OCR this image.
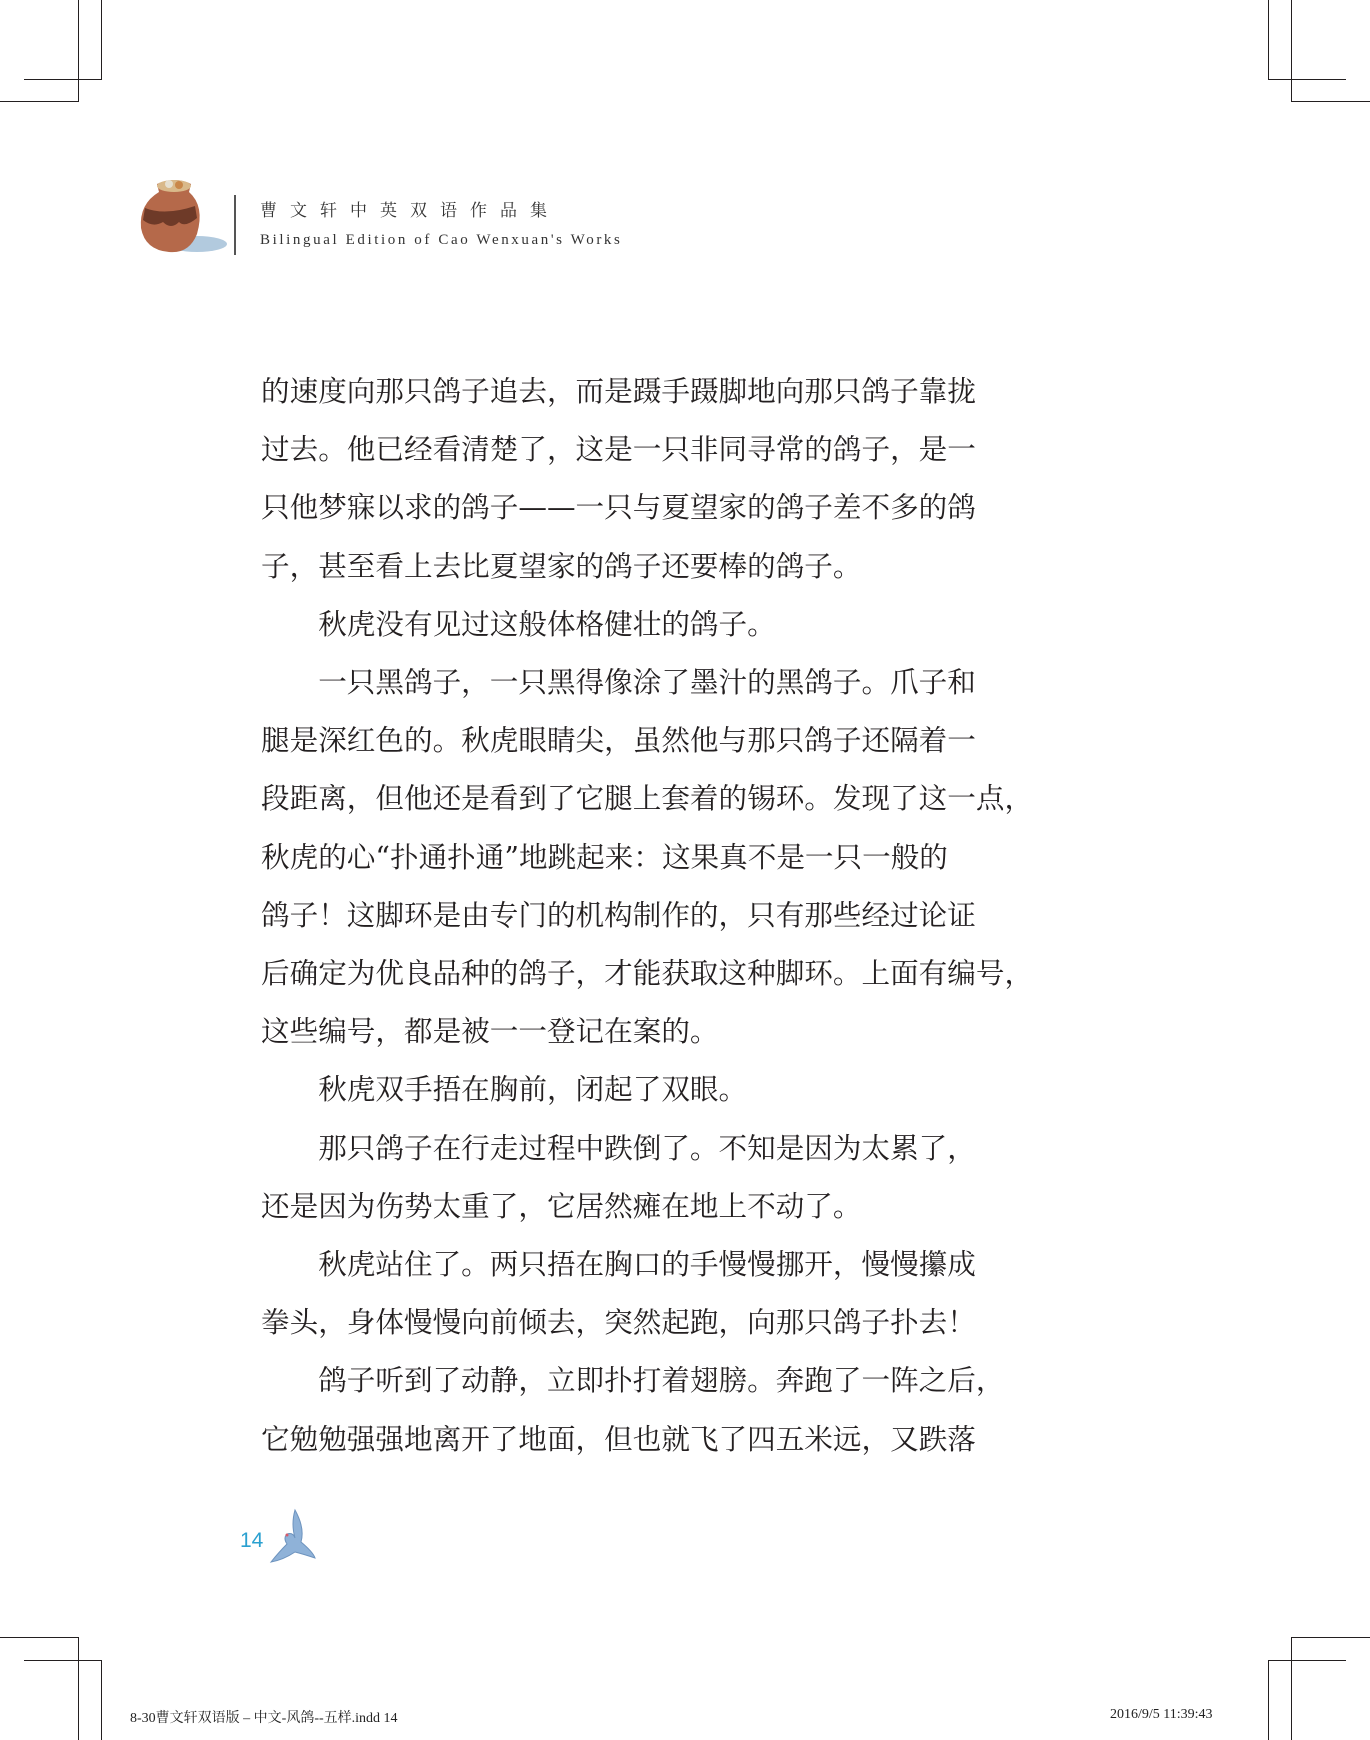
曹文轩中英双语作品集
Bilingual Edition of Cao Wenxuan's Works
的速度向那只鸽子追去，而是蹑手蹑脚地向那只鸽子靠拢
过去。他已经看清楚了，这是一只非同寻常的鸽子，是一
只他梦寐以求的鸽子——一只与夏望家的鸽子差不多的鸽
子，甚至看上去比夏望家的鸽子还要棒的鸽子。
　　秋虎没有见过这般体格健壮的鸽子。
　　一只黑鸽子，一只黑得像涂了墨汁的黑鸽子。爪子和
腿是深红色的。秋虎眼睛尖，虽然他与那只鸽子还隔着一
段距离，但他还是看到了它腿上套着的锡环。发现了这一点，
秋虎的心“扑通扑通”地跳起来：这果真不是一只一般的
鸽子！这脚环是由专门的机构制作的，只有那些经过论证
后确定为优良品种的鸽子，才能获取这种脚环。上面有编号，
这些编号，都是被一一登记在案的。
　　秋虎双手捂在胸前，闭起了双眼。
　　那只鸽子在行走过程中跌倒了。不知是因为太累了，
还是因为伤势太重了，它居然瘫在地上不动了。
　　秋虎站住了。两只捂在胸口的手慢慢挪开，慢慢攥成
拳头，身体慢慢向前倾去，突然起跑，向那只鸽子扑去！
　　鸽子听到了动静，立即扑打着翅膀。奔跑了一阵之后，
它勉勉强强地离开了地面，但也就飞了四五米远，又跌落
14
8-30曹文轩双语版 – 中文-风鸽--五样.indd 14	2016/9/5 11:39:43
